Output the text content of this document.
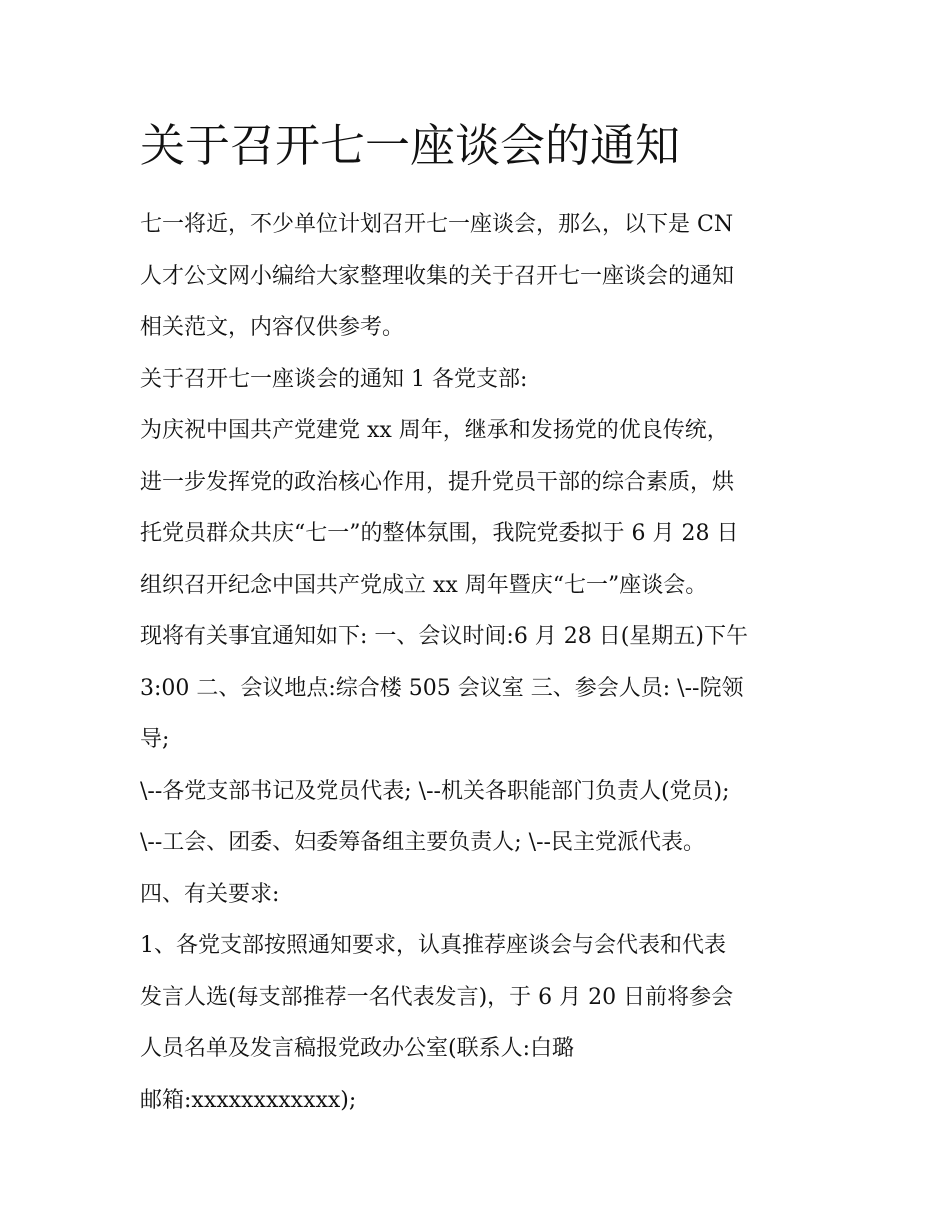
关于召开七一座谈会的通知
七一将近，不少单位计划召开七一座谈会，那么，以下是 CN
人才公文网小编给大家整理收集的关于召开七一座谈会的通知
相关范文，内容仅供参考。
关于召开七一座谈会的通知 1 各党支部:
为庆祝中国共产党建党 xx 周年，继承和发扬党的优良传统，
进一步发挥党的政治核心作用，提升党员干部的综合素质，烘
托党员群众共庆“七一”的整体氛围，我院党委拟于 6 月 28 日
组织召开纪念中国共产党成立 xx 周年暨庆“七一”座谈会。
现将有关事宜通知如下: 一、会议时间:6 月 28 日(星期五)下午
3:00 二、会议地点:综合楼 505 会议室 三、参会人员: \--院领
导;
\--各党支部书记及党员代表; \--机关各职能部门负责人(党员);
\--工会、团委、妇委筹备组主要负责人; \--民主党派代表。
四、有关要求:
1、各党支部按照通知要求，认真推荐座谈会与会代表和代表
发言人选(每支部推荐一名代表发言)，于 6 月 20 日前将参会
人员名单及发言稿报党政办公室(联系人:白璐
邮箱:xxxxxxxxxxxx);
